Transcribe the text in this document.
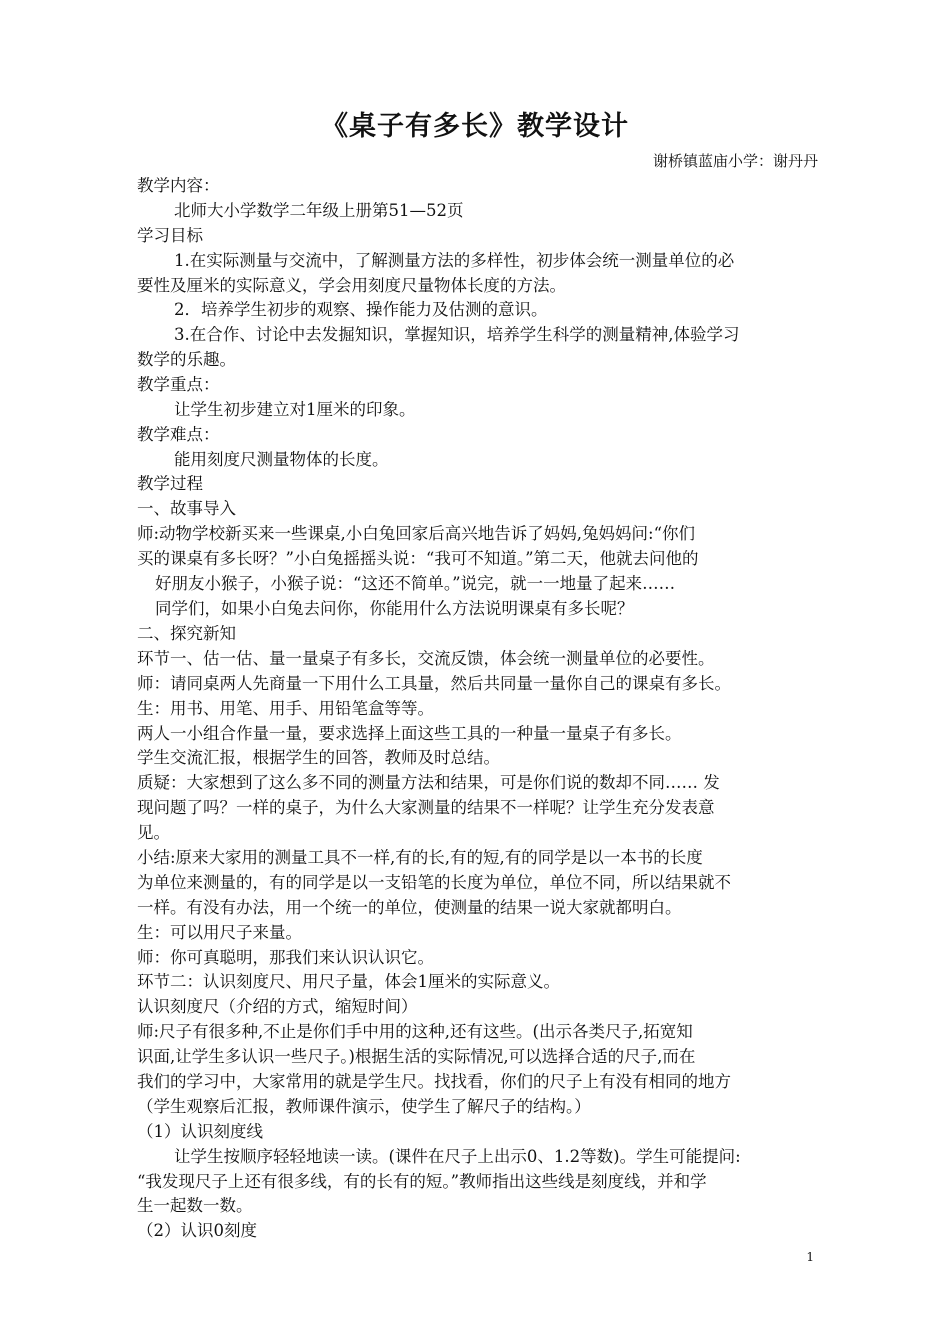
《桌子有多长》教学设计
谢桥镇蓝庙小学：谢丹丹
教学内容：
北师大小学数学二年级上册第51—52页
学习目标
1.在实际测量与交流中，了解测量方法的多样性，初步体会统一测量单位的必
要性及厘米的实际意义，学会用刻度尺量物体长度的方法。
2．培养学生初步的观察、操作能力及估测的意识。
3.在合作、讨论中去发掘知识，掌握知识，培养学生科学的测量精神,体验学习
数学的乐趣。
教学重点：
让学生初步建立对1厘米的印象。
教学难点：
能用刻度尺测量物体的长度。
教学过程
一、故事导入
师:动物学校新买来一些课桌,小白兔回家后高兴地告诉了妈妈,兔妈妈问:“你们
买的课桌有多长呀？”小白兔摇摇头说：“我可不知道。”第二天，他就去问他的
好朋友小猴子，小猴子说：“这还不简单。”说完，就一一地量了起来……
同学们，如果小白兔去问你，你能用什么方法说明课桌有多长呢？
二、探究新知
环节一、估一估、量一量桌子有多长，交流反馈，体会统一测量单位的必要性。
师：请同桌两人先商量一下用什么工具量，然后共同量一量你自己的课桌有多长。
生：用书、用笔、用手、用铅笔盒等等。
两人一小组合作量一量，要求选择上面这些工具的一种量一量桌子有多长。
学生交流汇报，根据学生的回答，教师及时总结。
质疑：大家想到了这么多不同的测量方法和结果，可是你们说的数却不同…… 发
现问题了吗？一样的桌子，为什么大家测量的结果不一样呢？让学生充分发表意
见。
小结:原来大家用的测量工具不一样,有的长,有的短,有的同学是以一本书的长度
为单位来测量的，有的同学是以一支铅笔的长度为单位，单位不同，所以结果就不
一样。有没有办法，用一个统一的单位，使测量的结果一说大家就都明白。
生：可以用尺子来量。
师：你可真聪明，那我们来认识认识它。
环节二：认识刻度尺、用尺子量，体会1厘米的实际意义。
认识刻度尺（介绍的方式，缩短时间）
师:尺子有很多种,不止是你们手中用的这种,还有这些。(出示各类尺子,拓宽知
识面,让学生多认识一些尺子。)根据生活的实际情况,可以选择合适的尺子,而在
我们的学习中，大家常用的就是学生尺。找找看，你们的尺子上有没有相同的地方
（学生观察后汇报，教师课件演示，使学生了解尺子的结构。）
（1）认识刻度线
让学生按顺序轻轻地读一读。(课件在尺子上出示0、1.2等数)。学生可能提问:
“我发现尺子上还有很多线，有的长有的短。”教师指出这些线是刻度线，并和学
生一起数一数。
（2）认识0刻度
1
